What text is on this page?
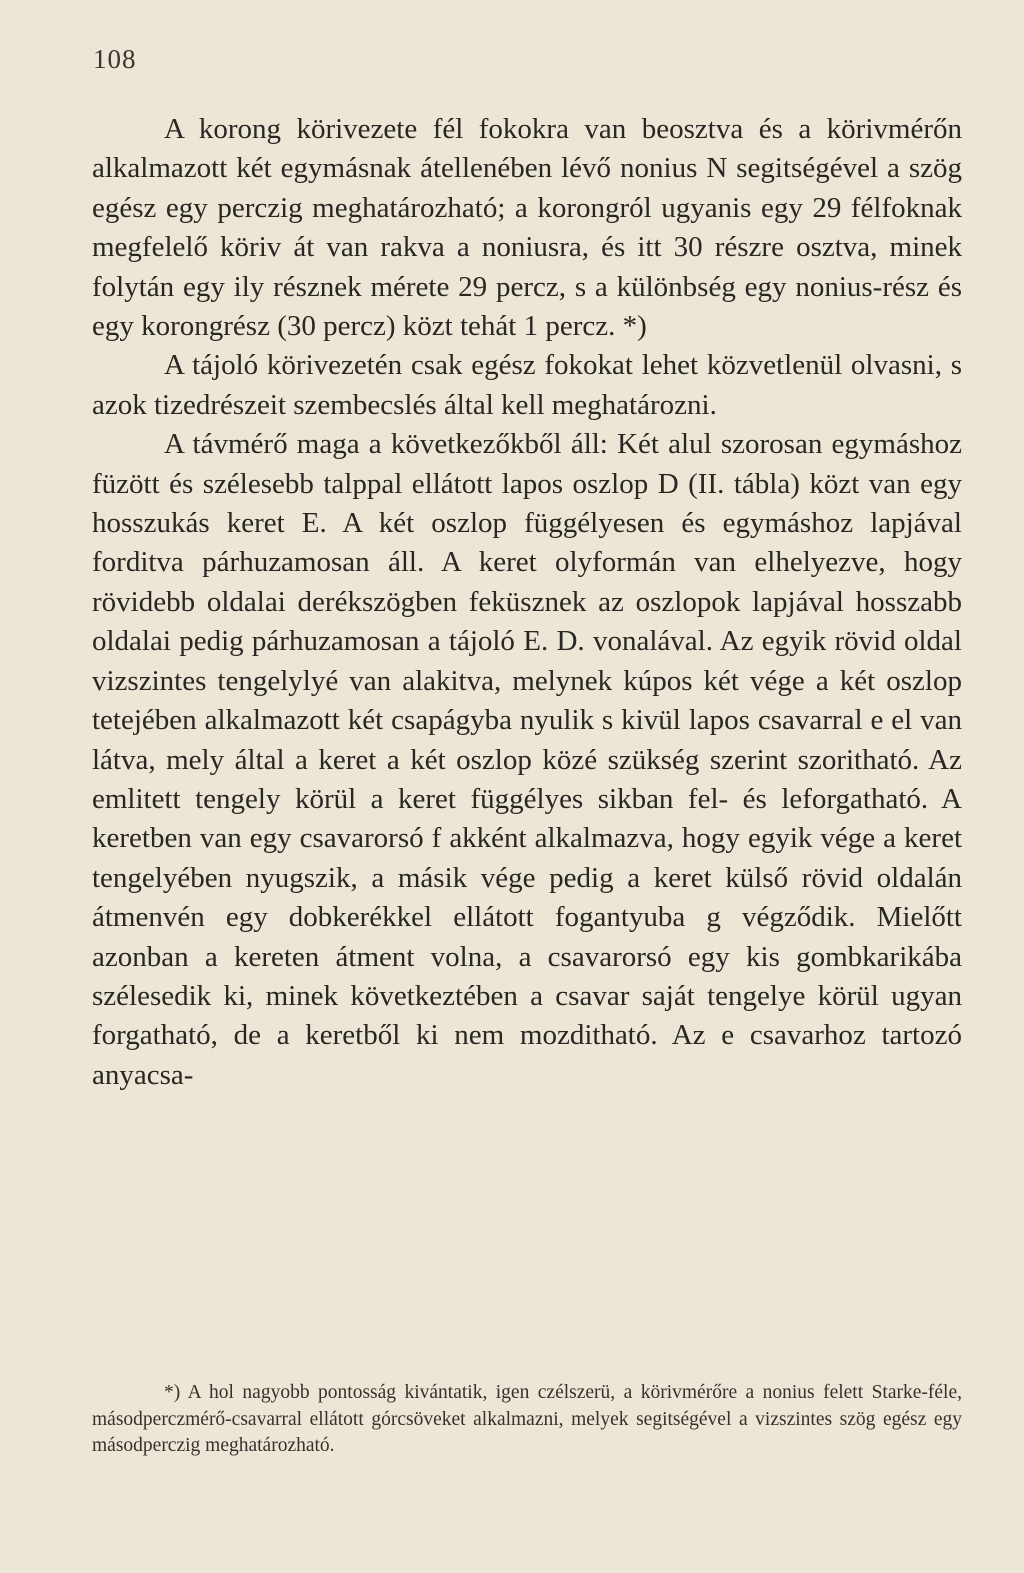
108

A korong körivezete fél fokokra van beosztva és a körivmérőn alkalmazott két egymásnak átellenében lévő nonius N segitségével a szög egész egy perczig meghatározható; a korongról ugyanis egy 29 félfoknak megfelelő köriv át van rakva a noniusra, és itt 30 részre osztva, minek folytán egy ily résznek mérete 29 percz, s a különbség egy nonius-rész és egy korongrész (30 percz) közt tehát 1 percz. *)

A tájoló körivezetén csak egész fokokat lehet közvetlenül olvasni, s azok tizedrészeit szembecslés által kell meghatározni.

A távmérő maga a következőkből áll: Két alul szorosan egymáshoz füzött és szélesebb talppal ellátott lapos oszlop D (II. tábla) közt van egy hosszukás keret E. A két oszlop függélyesen és egymáshoz lapjával forditva párhuzamosan áll. A keret olyformán van elhelyezve, hogy rövidebb oldalai derékszögben feküsznek az oszlopok lapjával hosszabb oldalai pedig párhuzamosan a tájoló E. D. vonalával. Az egyik rövid oldal vizszintes tengelylyé van alakitva, melynek kúpos két vége a két oszlop tetejében alkalmazott két csapágyba nyulik s kivül lapos csavarral e el van látva, mely által a keret a két oszlop közé szükség szerint szoritható. Az emlitett tengely körül a keret függélyes sikban fel- és leforgatható. A keretben van egy csavarorsó f akként alkalmazva, hogy egyik vége a keret tengelyében nyugszik, a másik vége pedig a keret külső rövid oldalán átmenvén egy dobkerékkel ellátott fogantyuba g végződik. Mielőtt azonban a kereten átment volna, a csavarorsó egy kis gombkarikába szélesedik ki, minek következtében a csavar saját tengelye körül ugyan forgatható, de a keretből ki nem mozditható. Az e csavarhoz tartozó anyacsa-

*) A hol nagyobb pontosság kivántatik, igen czélszerü, a körivmérőre a nonius felett Starke-féle, másodperczmérő-csavarral ellátott górcsöveket alkalmazni, melyek segitségével a vizszintes szög egész egy másodperczig meghatározható.
